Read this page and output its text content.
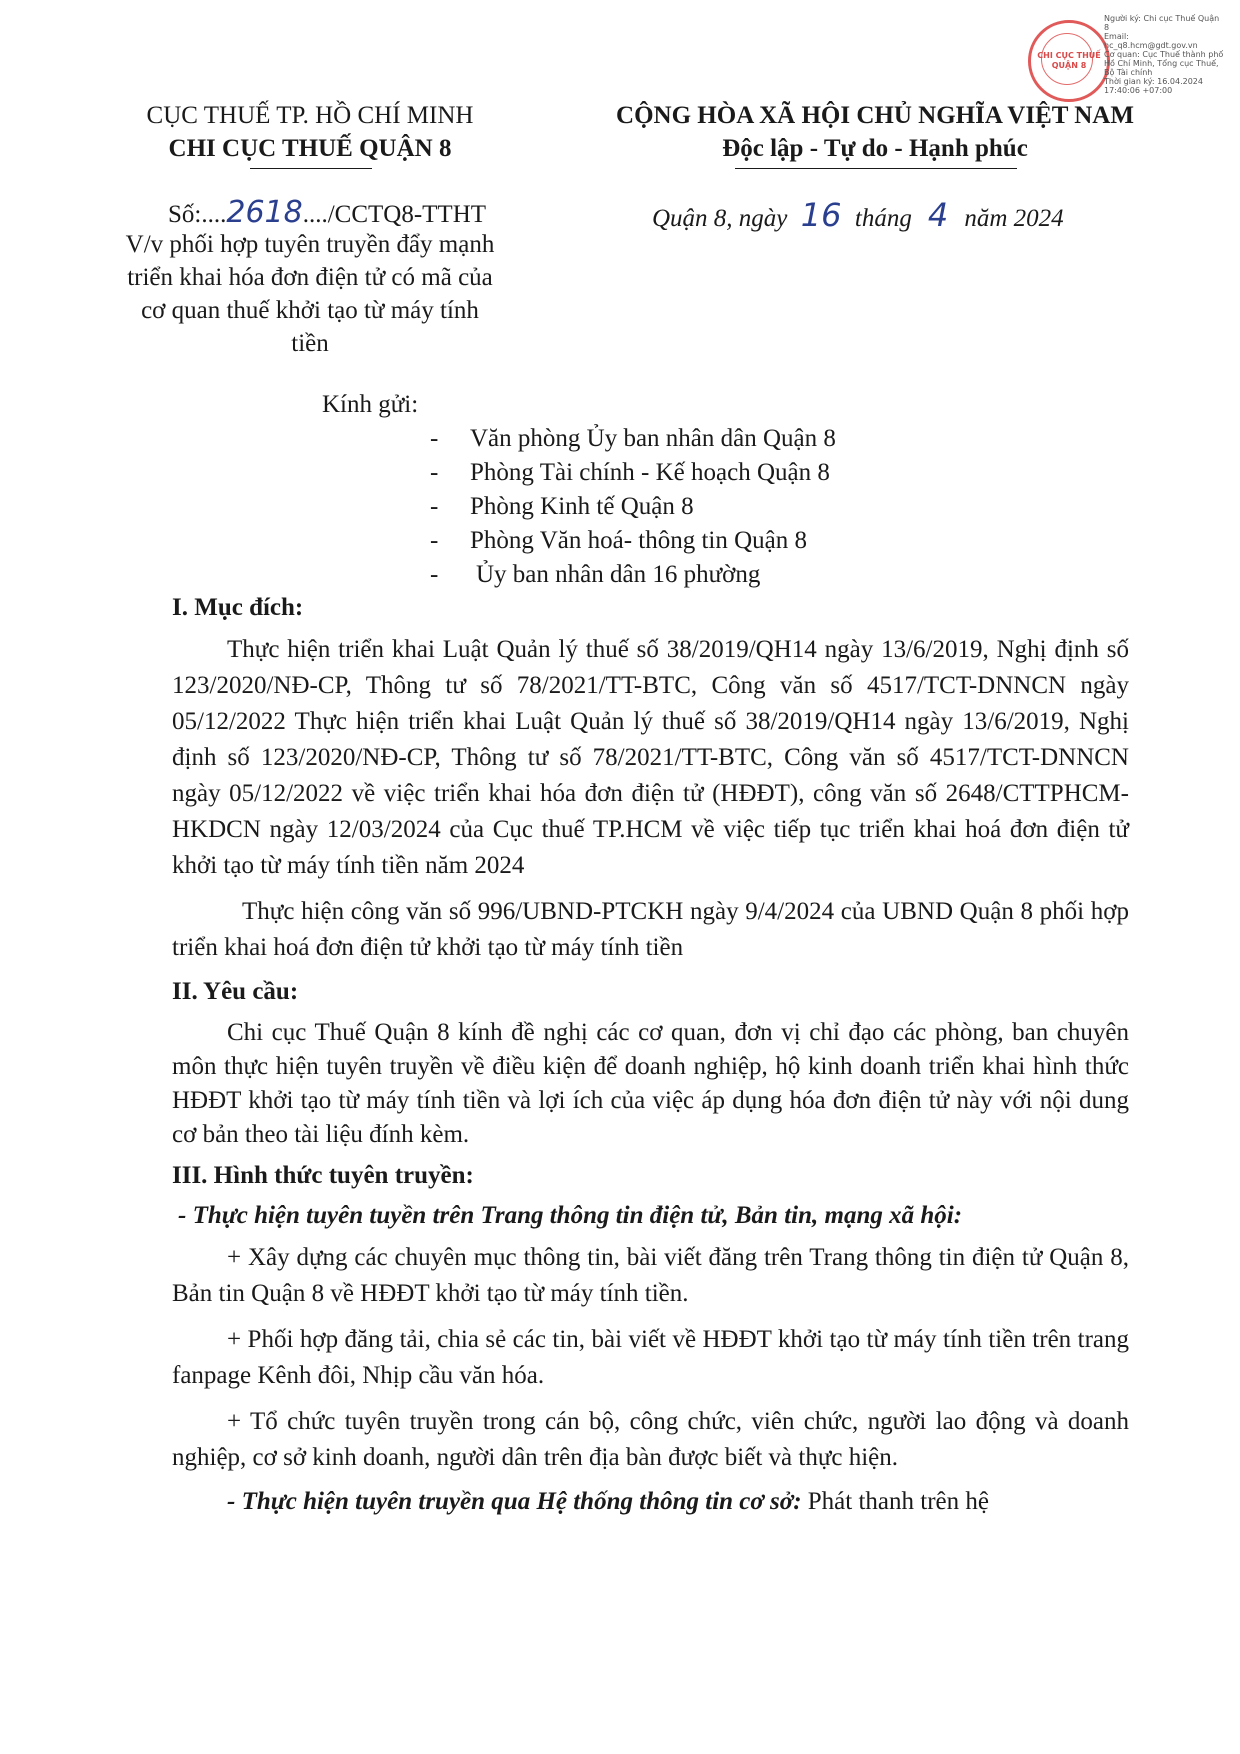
CHI CỤC THUẾ QUẬN 8
Người ký: Chi cục Thuế Quận 8
Email: hc_q8.hcm@gdt.gov.vn
Cơ quan: Cục Thuế thành phố Hồ Chí Minh, Tổng cục Thuế, Bộ Tài chính
Thời gian ký: 16.04.2024 17:40:06 +07:00
CỤC THUẾ TP. HỒ CHÍ MINH
CHI CỤC THUẾ QUẬN 8
CỘNG HÒA XÃ HỘI CHỦ NGHĨA VIỆT NAM
Độc lập - Tự do - Hạnh phúc
Số:....2618..../CCTQ8-TTHT	Quận 8, ngày 16 tháng 4 năm 2024
V/v phối hợp tuyên truyền đẩy mạnh
triển khai hóa đơn điện tử có mã của
cơ quan thuế khởi tạo từ máy tính
tiền
Kính gửi:
- Văn phòng Ủy ban nhân dân Quận 8
- Phòng Tài chính - Kế hoạch Quận 8
- Phòng Kinh tế Quận 8
- Phòng Văn hoá- thông tin Quận 8
- Ủy ban nhân dân 16 phường
I. Mục đích:
Thực hiện triển khai Luật Quản lý thuế số 38/2019/QH14 ngày 13/6/2019, Nghị định số 123/2020/NĐ-CP, Thông tư số 78/2021/TT-BTC, Công văn số 4517/TCT-DNNCN ngày 05/12/2022 Thực hiện triển khai Luật Quản lý thuế số 38/2019/QH14 ngày 13/6/2019, Nghị định số 123/2020/NĐ-CP, Thông tư số 78/2021/TT-BTC, Công văn số 4517/TCT-DNNCN ngày 05/12/2022 về việc triển khai hóa đơn điện tử (HĐĐT), công văn số 2648/CTTPHCM-HKDCN ngày 12/03/2024 của Cục thuế TP.HCM về việc tiếp tục triển khai hoá đơn điện tử khởi tạo từ máy tính tiền năm 2024
Thực hiện công văn số 996/UBND-PTCKH ngày 9/4/2024 của UBND Quận 8 phối hợp triển khai hoá đơn điện tử khởi tạo từ máy tính tiền
II. Yêu cầu:
Chi cục Thuế Quận 8 kính đề nghị các cơ quan, đơn vị chỉ đạo các phòng, ban chuyên môn thực hiện tuyên truyền về điều kiện để doanh nghiệp, hộ kinh doanh triển khai hình thức HĐĐT khởi tạo từ máy tính tiền và lợi ích của việc áp dụng hóa đơn điện tử này với nội dung cơ bản theo tài liệu đính kèm.
III. Hình thức tuyên truyền:
- Thực hiện tuyên tuyền trên Trang thông tin điện tử, Bản tin, mạng xã hội:
+ Xây dựng các chuyên mục thông tin, bài viết đăng trên Trang thông tin điện tử Quận 8, Bản tin Quận 8 về HĐĐT khởi tạo từ máy tính tiền.
+ Phối hợp đăng tải, chia sẻ các tin, bài viết về HĐĐT khởi tạo từ máy tính tiền trên trang fanpage Kênh đôi, Nhịp cầu văn hóa.
+ Tổ chức tuyên truyền trong cán bộ, công chức, viên chức, người lao động và doanh nghiệp, cơ sở kinh doanh, người dân trên địa bàn được biết và thực hiện.
- Thực hiện tuyên truyền qua Hệ thống thông tin cơ sở: Phát thanh trên hệ
